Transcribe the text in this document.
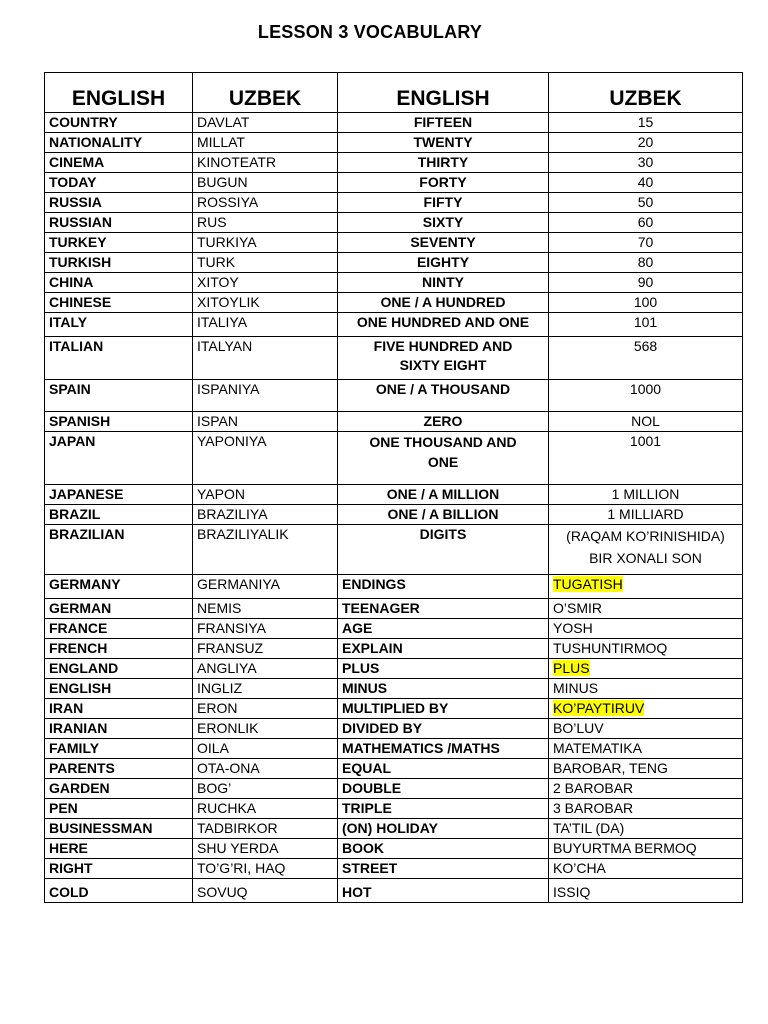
LESSON 3 VOCABULARY
ENGLISH	UZBEK	ENGLISH	UZBEK
COUNTRY	DAVLAT	FIFTEEN	15
NATIONALITY	MILLAT	TWENTY	20
CINEMA	KINOTEATR	THIRTY	30
TODAY	BUGUN	FORTY	40
RUSSIA	ROSSIYA	FIFTY	50
RUSSIAN	RUS	SIXTY	60
TURKEY	TURKIYA	SEVENTY	70
TURKISH	TURK	EIGHTY	80
CHINA	XITOY	NINTY	90
CHINESE	XITOYLIK	ONE / A HUNDRED	100
ITALY	ITALIYA	ONE HUNDRED AND ONE	101
ITALIAN	ITALYAN	FIVE HUNDRED AND SIXTY EIGHT	568
SPAIN	ISPANIYA	ONE / A THOUSAND	1000
SPANISH	ISPAN	ZERO	NOL
JAPAN	YAPONIYA	ONE THOUSAND AND ONE	1001
JAPANESE	YAPON	ONE / A MILLION	1 MILLION
BRAZIL	BRAZILIYA	ONE / A BILLION	1 MILLIARD
BRAZILIAN	BRAZILIYALIK	DIGITS	(RAQAM KO’RINISHIDA) BIR XONALI SON
GERMANY	GERMANIYA	ENDINGS	TUGATISH
GERMAN	NEMIS	TEENAGER	O’SMIR
FRANCE	FRANSIYA	AGE	YOSH
FRENCH	FRANSUZ	EXPLAIN	TUSHUNTIRMOQ
ENGLAND	ANGLIYA	PLUS	PLUS
ENGLISH	INGLIZ	MINUS	MINUS
IRAN	ERON	MULTIPLIED BY	KO’PAYTIRUV
IRANIAN	ERONLIK	DIVIDED BY	BO’LUV
FAMILY	OILA	MATHEMATICS /MATHS	MATEMATIKA
PARENTS	OTA-ONA	EQUAL	BAROBAR, TENG
GARDEN	BOG’	DOUBLE	2 BAROBAR
PEN	RUCHKA	TRIPLE	3 BAROBAR
BUSINESSMAN	TADBIRKOR	(ON) HOLIDAY	TA’TIL (DA)
HERE	SHU YERDA	BOOK	BUYURTMA BERMOQ
RIGHT	TO’G’RI, HAQ	STREET	KO’CHA
COLD	SOVUQ	HOT	ISSIQ
